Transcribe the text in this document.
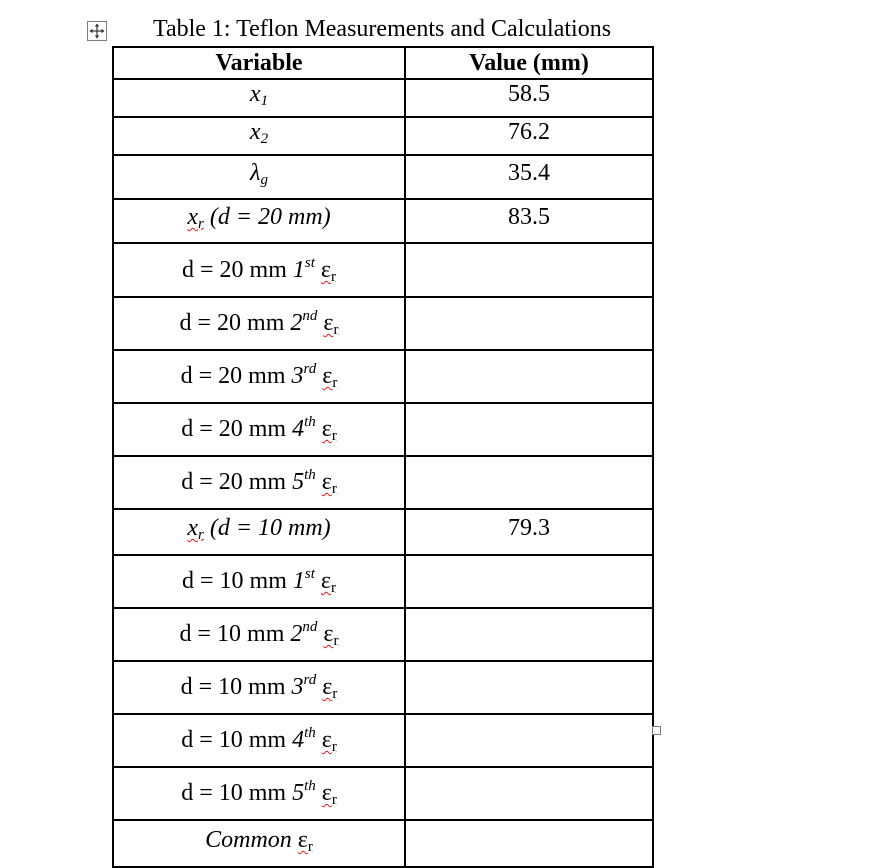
Table 1: Teflon Measurements and Calculations
Variable	Value (mm)
$x_1$	58.5
$x_2$	76.2
$\lambda_g$	35.4
$x_r$ (d = 20 mm)	83.5
d = 20 mm 1st $\varepsilon_r$	
d = 20 mm 2nd $\varepsilon_r$	
d = 20 mm 3rd $\varepsilon_r$	
d = 20 mm 4th $\varepsilon_r$	
d = 20 mm 5th $\varepsilon_r$	
$x_r$ (d = 10 mm)	79.3
d = 10 mm 1st $\varepsilon_r$	
d = 10 mm 2nd $\varepsilon_r$	
d = 10 mm 3rd $\varepsilon_r$	
d = 10 mm 4th $\varepsilon_r$	
d = 10 mm 5th $\varepsilon_r$	
Common $\varepsilon_r$	
